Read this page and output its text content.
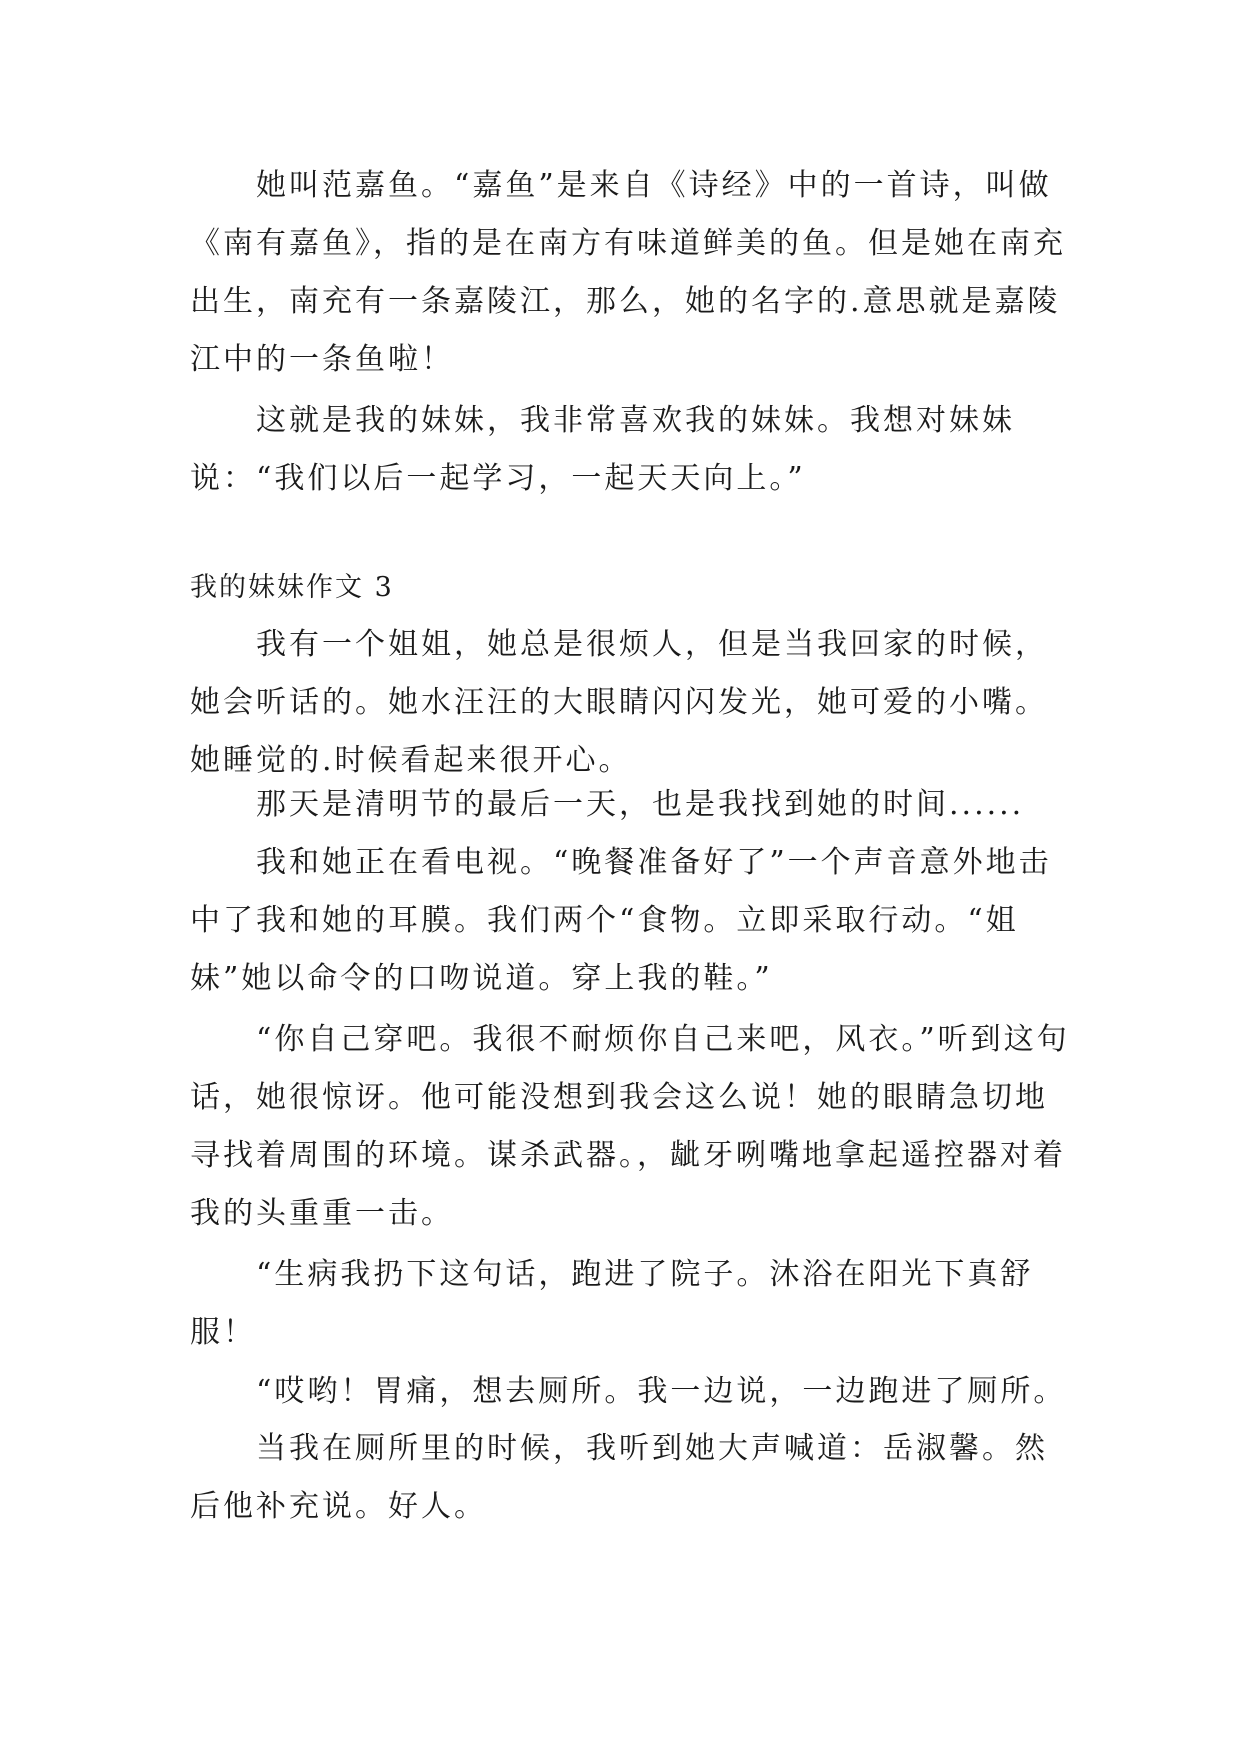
她叫范嘉鱼。“嘉鱼”是来自《诗经》中的一首诗，叫做《南有嘉鱼》，指的是在南方有味道鲜美的鱼。但是她在南充出生，南充有一条嘉陵江，那么，她的名字的.意思就是嘉陵江中的一条鱼啦！

这就是我的妹妹，我非常喜欢我的妹妹。我想对妹妹说：“我们以后一起学习，一起天天向上。”

我的妹妹作文 3

我有一个姐姐，她总是很烦人，但是当我回家的时候，她会听话的。她水汪汪的大眼睛闪闪发光，她可爱的小嘴。她睡觉的.时候看起来很开心。

那天是清明节的最后一天，也是我找到她的时间......

我和她正在看电视。“晚餐准备好了”一个声音意外地击中了我和她的耳膜。我们两个“食物。立即采取行动。“姐妹”她以命令的口吻说道。穿上我的鞋。”

“你自己穿吧。我很不耐烦你自己来吧，风衣。”听到这句话，她很惊讶。他可能没想到我会这么说！她的眼睛急切地寻找着周围的环境。谋杀武器。，龇牙咧嘴地拿起遥控器对着我的头重重一击。

“生病我扔下这句话，跑进了院子。沐浴在阳光下真舒服！

“哎哟！胃痛，想去厕所。我一边说，一边跑进了厕所。

当我在厕所里的时候，我听到她大声喊道：岳淑馨。然后他补充说。好人。
